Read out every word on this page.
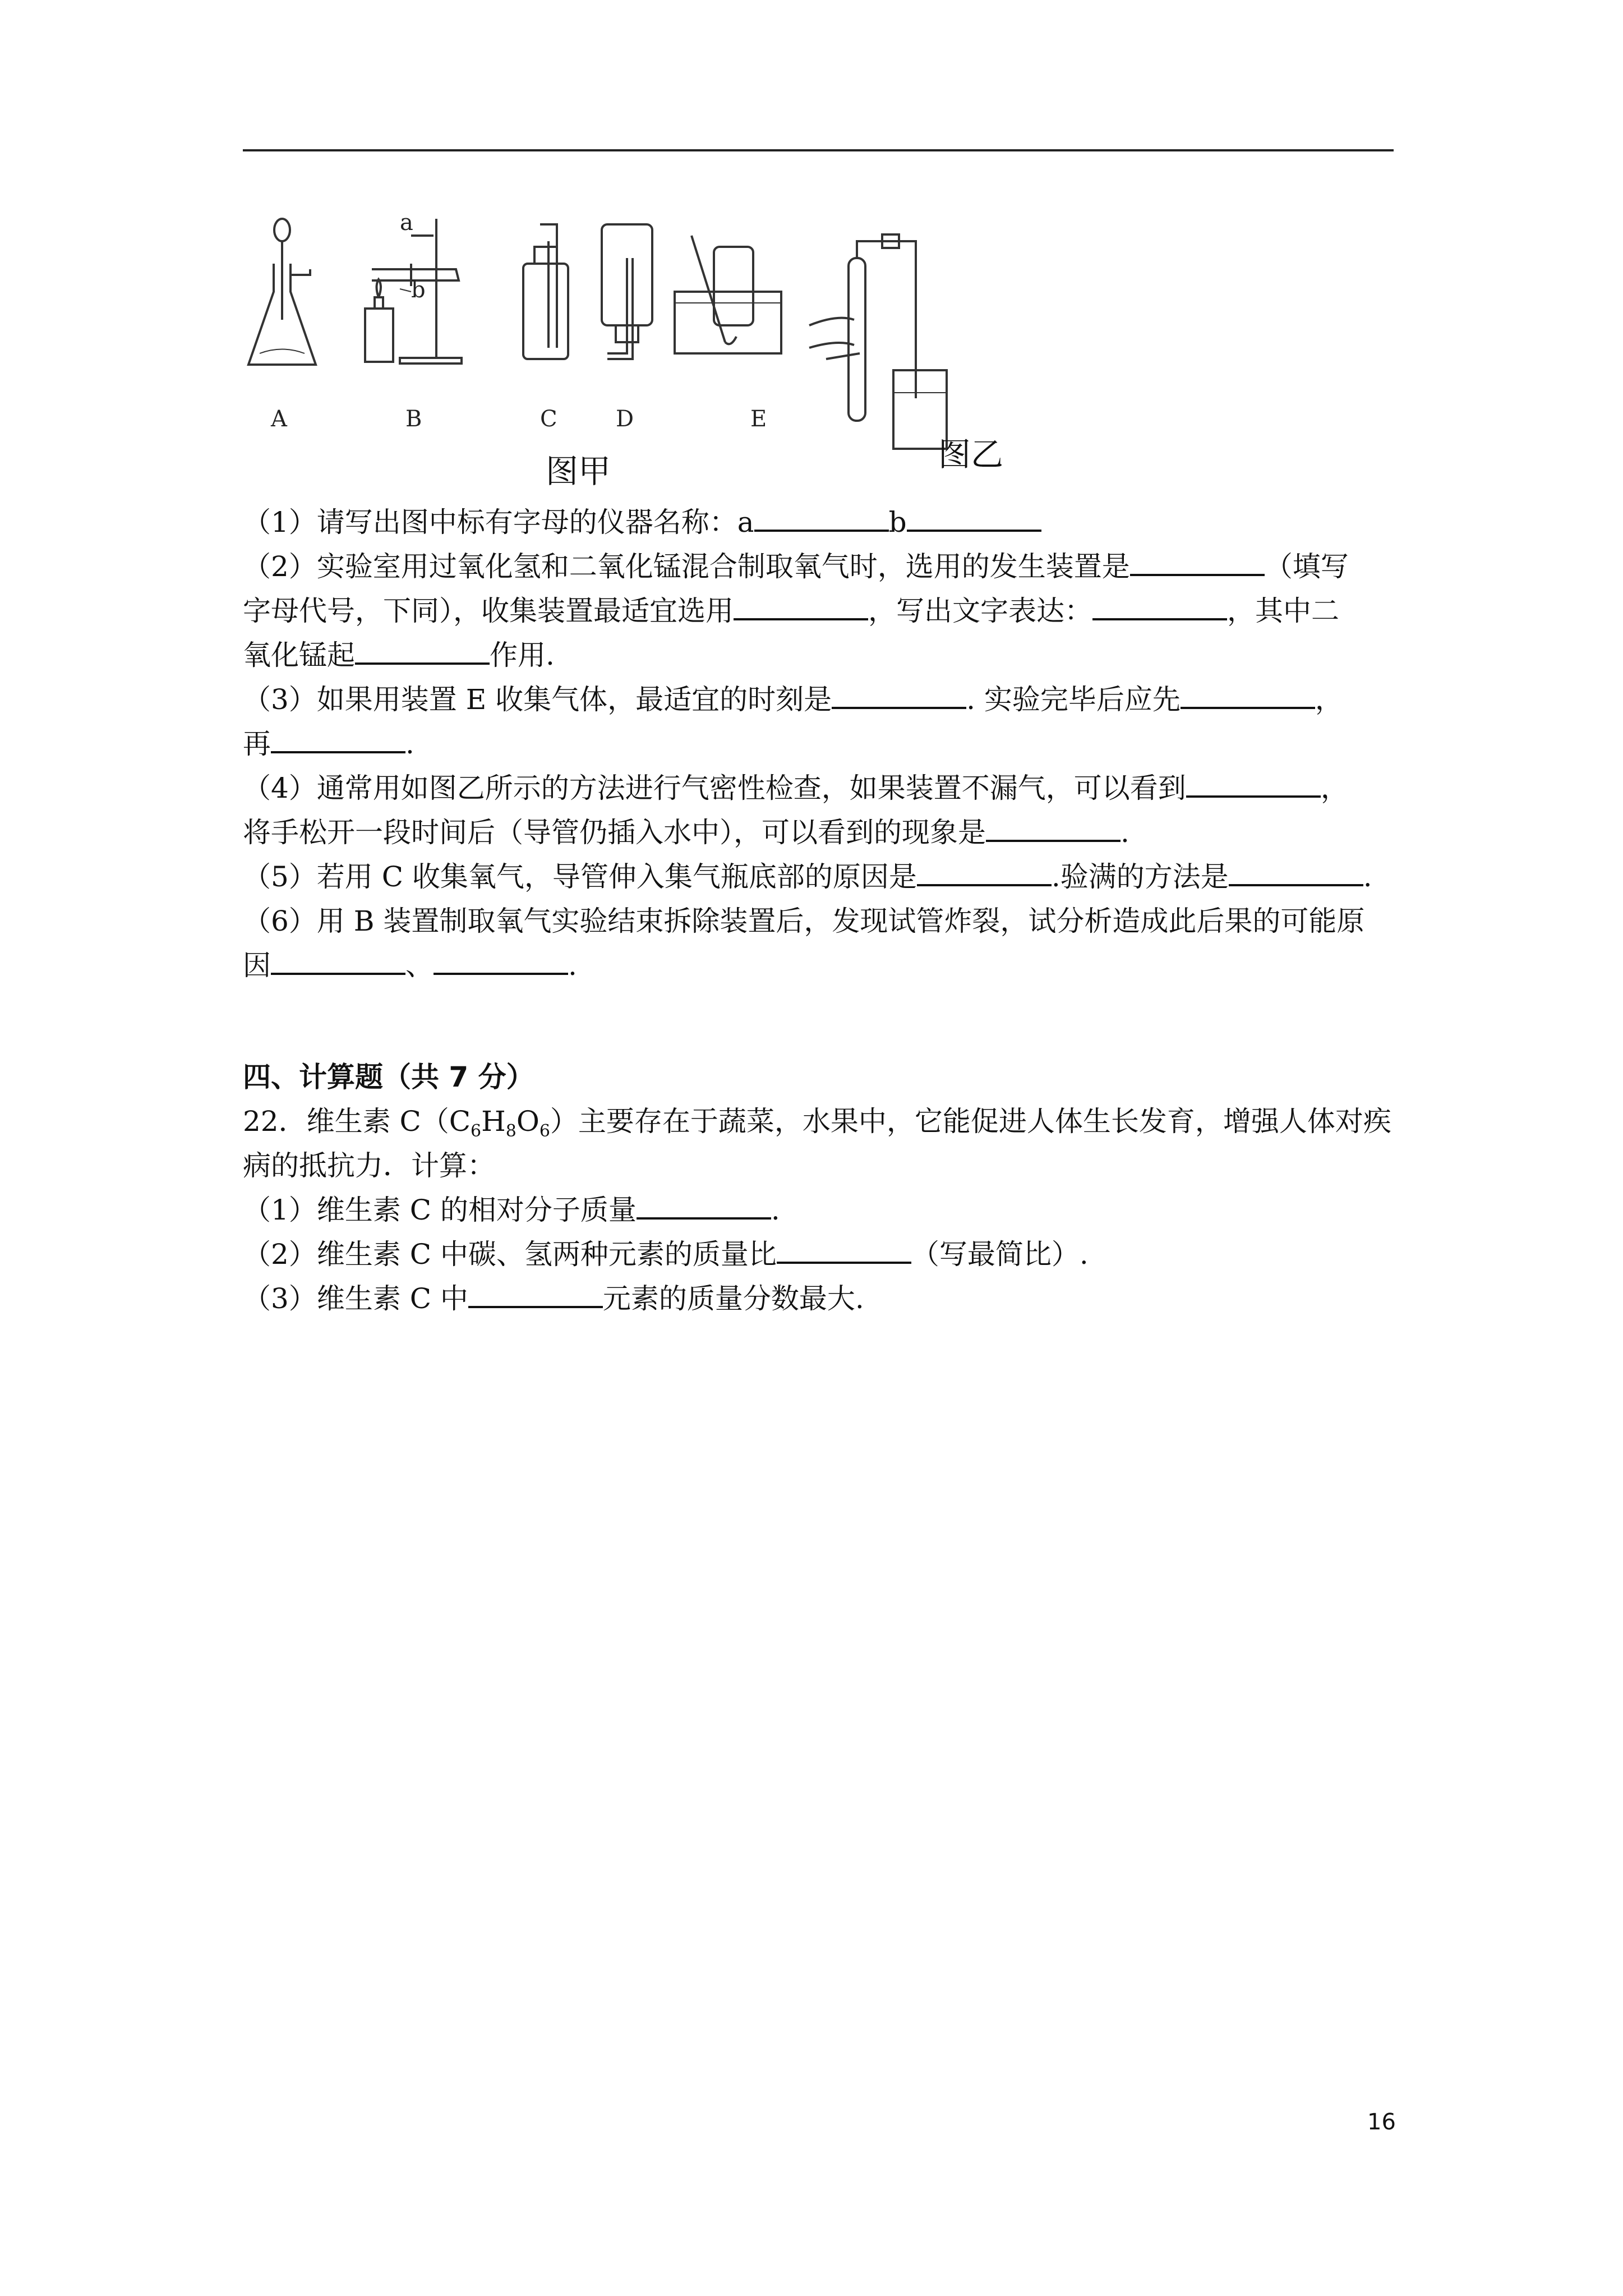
a
b
A	B	C	D	E
图甲	图乙
（1）请写出图中标有字母的仪器名称：a	b
（2）实验室用过氧化氢和二氧化锰混合制取氧气时，选用的发生装置是	（填写
字母代号，下同），收集装置最适宜选用	，写出文字表达：	，其中二
氧化锰起	作用.
（3）如果用装置 E 收集气体，最适宜的时刻是	. 实验完毕后应先	，
再	.
（4）通常用如图乙所示的方法进行气密性检查，如果装置不漏气，可以看到	，
将手松开一段时间后（导管仍插入水中），可以看到的现象是	.
（5）若用 C 收集氧气，导管伸入集气瓶底部的原因是	.验满的方法是	.
（6）用 B 装置制取氧气实验结束拆除装置后，发现试管炸裂，试分析造成此后果的可能原
因	、	.
四、计算题（共 7 分）
22．维生素 $C(C_6H_8O_6)$主要存在于蔬菜，水果中，它能促进人体生长发育，增强人体对疾
病的抵抗力．计算：
（1）维生素 C 的相对分子质量	.
（2）维生素 C 中碳、氢两种元素的质量比	（写最简比）.
（3）维生素 C 中	元素的质量分数最大.
16
